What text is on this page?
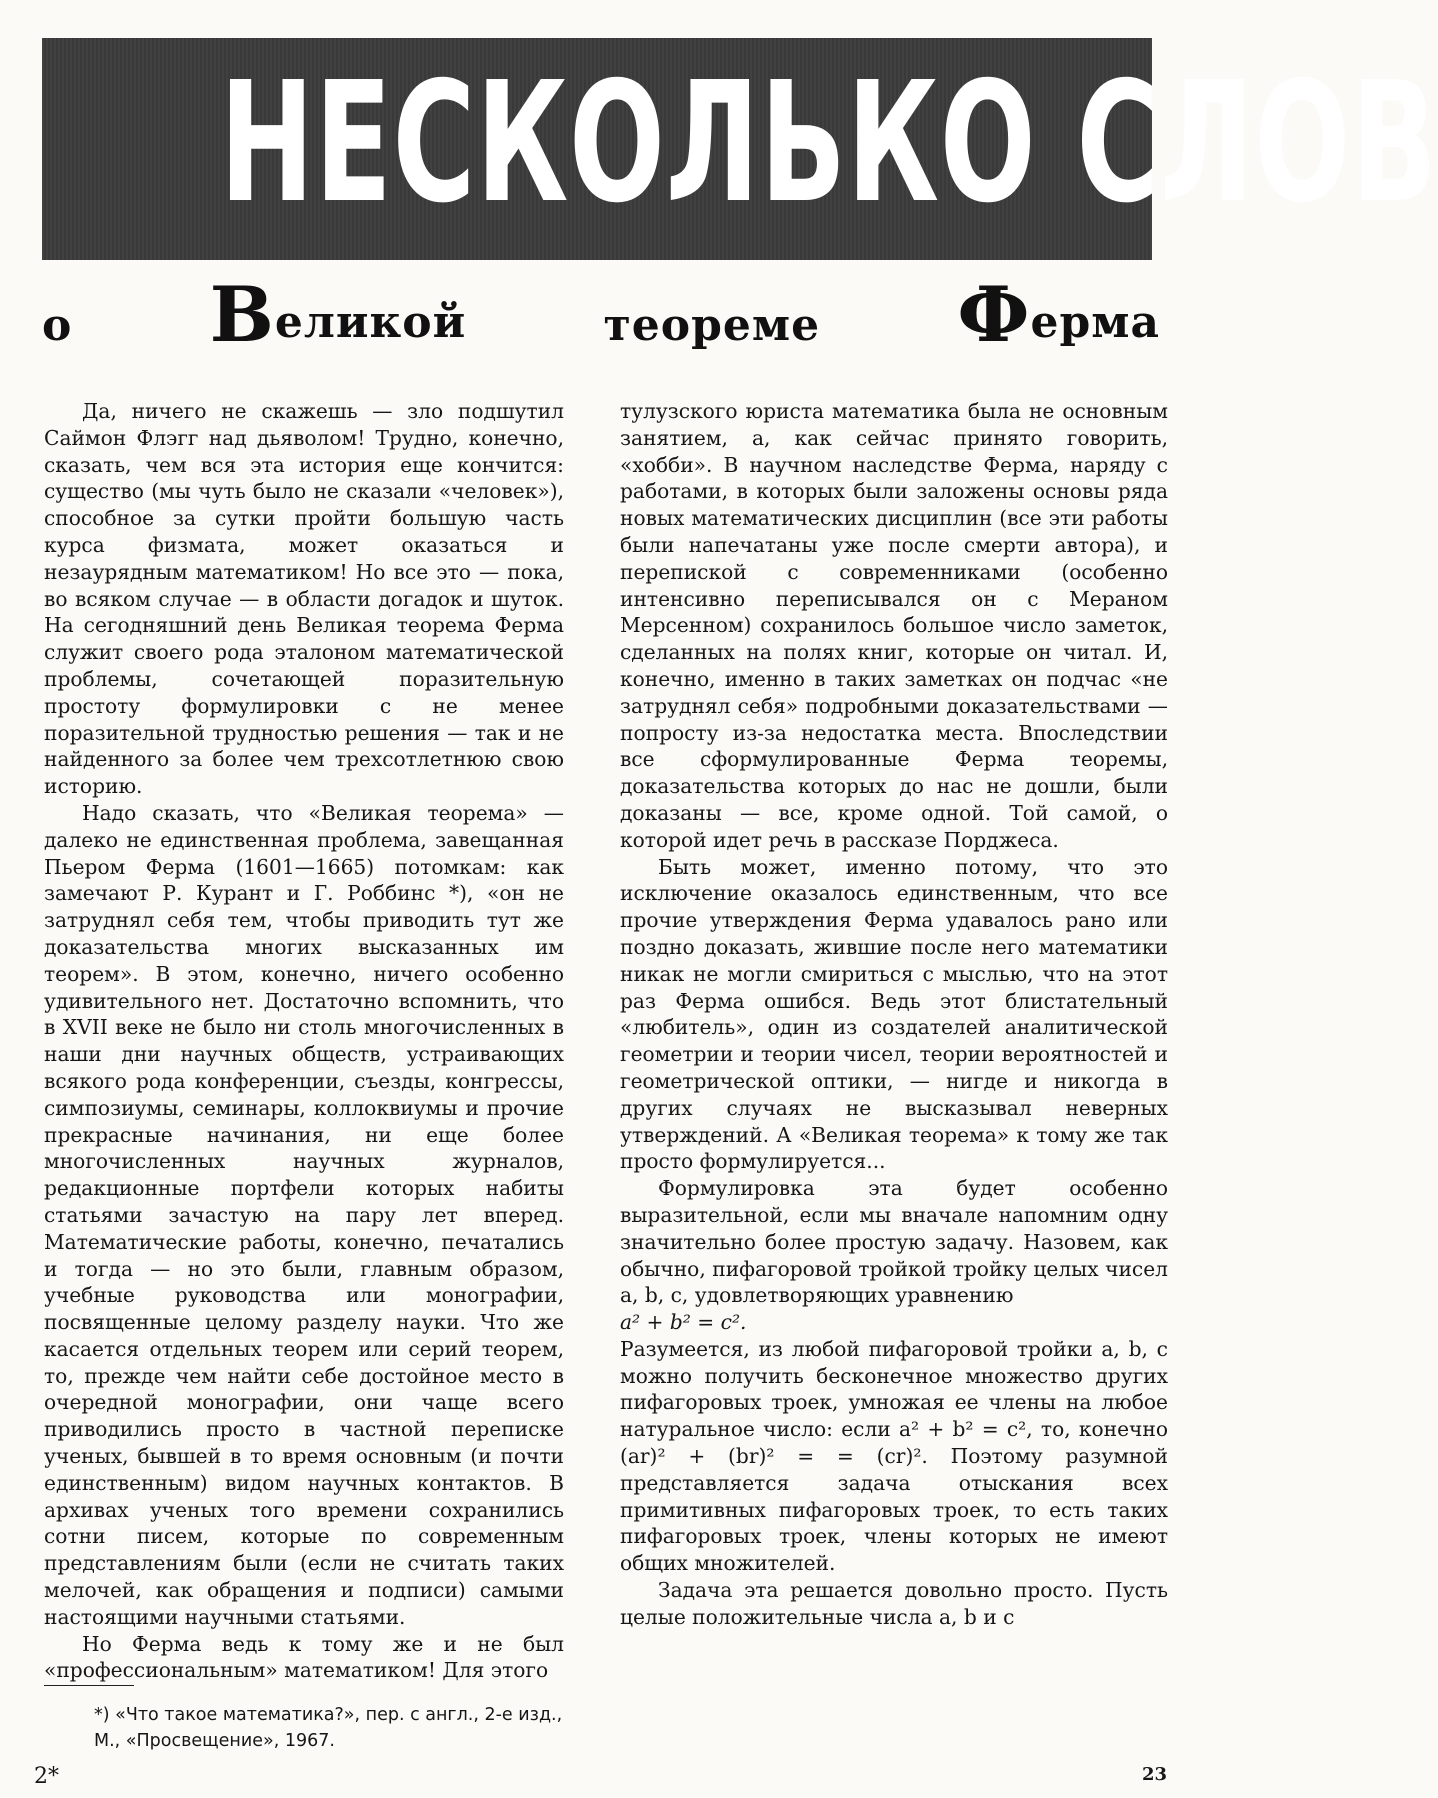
НЕСКОЛЬКО СЛОВ
о Великой	теореме Ферма

Да, ничего не скажешь — зло подшутил Саймон Флэгг над дьяволом! Трудно, конечно, сказать, чем вся эта история еще кончится: существо (мы чуть было не сказали «человек»), способное за сутки пройти большую часть курса физмата, может оказаться и незаурядным математиком! Но все это — пока, во всяком случае — в области догадок и шуток. На сегодняшний день Великая теорема Ферма служит своего рода эталоном математической проблемы, сочетающей поразительную простоту формулировки с не менее поразительной трудностью решения — так и не найденного за более чем трехсотлетнюю свою историю.

Надо сказать, что «Великая теорема» — далеко не единственная проблема, завещанная Пьером Ферма (1601—1665) потомкам: как замечают Р. Курант и Г. Роббинс *), «он не затруднял себя тем, чтобы приводить тут же доказательства многих высказанных им теорем». В этом, конечно, ничего особенно удивительного нет. Достаточно вспомнить, что в XVII веке не было ни столь многочисленных в наши дни научных обществ, устраивающих всякого рода конференции, съезды, конгрессы, симпозиумы, семинары, коллоквиумы и прочие прекрасные начинания, ни еще более многочисленных научных журналов, редакционные портфели которых набиты статьями зачастую на пару лет вперед. Математические работы, конечно, печатались и тогда — но это были, главным образом, учебные руководства или монографии, посвященные целому разделу науки. Что же касается отдельных теорем или серий теорем, то, прежде чем найти себе достойное место в очередной монографии, они чаще всего приводились просто в частной переписке ученых, бывшей в то время основным (и почти единственным) видом научных контактов. В архивах ученых того времени сохранились сотни писем, которые по современным представлениям были (если не считать таких мелочей, как обращения и подписи) самыми настоящими научными статьями.

Но Ферма ведь к тому же и не был «профессиональным» математиком! Для этого

тулузского юриста математика была не основным занятием, а, как сейчас принято говорить, «хобби». В научном наследстве Ферма, наряду с работами, в которых были заложены основы ряда новых математических дисциплин (все эти работы были напечатаны уже после смерти автора), и перепиской с современниками (особенно интенсивно переписывался он с Мераном Мерсенном) сохранилось большое число заметок, сделанных на полях книг, которые он читал. И, конечно, именно в таких заметках он подчас «не затруднял себя» подробными доказательствами — попросту из-за недостатка места. Впоследствии все сформулированные Ферма теоремы, доказательства которых до нас не дошли, были доказаны — все, кроме одной. Той самой, о которой идет речь в рассказе Порджеса.

Быть может, именно потому, что это исключение оказалось единственным, что все прочие утверждения Ферма удавалось рано или поздно доказать, жившие после него математики никак не могли смириться с мыслью, что на этот раз Ферма ошибся. Ведь этот блистательный «любитель», один из создателей аналитической геометрии и теории чисел, теории вероятностей и геометрической оптики, — нигде и никогда в других случаях не высказывал неверных утверждений. А «Великая теорема» к тому же так просто формулируется...

Формулировка эта будет особенно выразительной, если мы вначале напомним одну значительно более простую задачу. Назовем, как обычно, пифагоровой тройкой тройку целых чисел a, b, c, удовлетворяющих уравнению

a² + b² = c².

Разумеется, из любой пифагоровой тройки a, b, c можно получить бесконечное множество других пифагоровых троек, умножая ее члены на любое натуральное число: если a² + b² = c², то, конечно (ar)² + (br)² = = (cr)². Поэтому разумной представляется задача отыскания всех примитивных пифагоровых троек, то есть таких пифагоровых троек, члены которых не имеют общих множителей.

Задача эта решается довольно просто. Пусть целые положительные числа a, b и c

*) «Что такое математика?», пер. с англ., 2-е изд., М., «Просвещение», 1967.

2*	23
